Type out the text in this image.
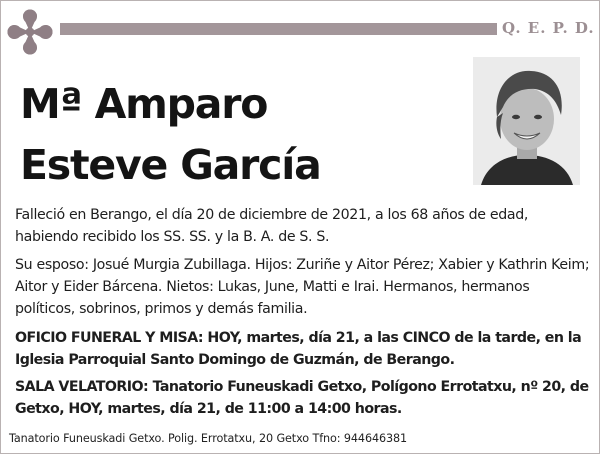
Q. E. P. D.
Mª Amparo
Esteve García
Falleció en Berango, el día 20 de diciembre de 2021, a los 68 años de edad, habiendo recibido los SS. SS. y la B. A. de S. S.
Su esposo: Josué Murgia Zubillaga. Hijos: Zuriñe y Aitor Pérez; Xabier y Kathrin Keim; Aitor y Eider Bárcena. Nietos: Lukas, June, Matti e Irai. Hermanos, hermanos políticos, sobrinos, primos y demás familia.
OFICIO FUNERAL Y MISA: HOY, martes, día 21, a las CINCO de la tarde, en la Iglesia Parroquial Santo Domingo de Guzmán, de Berango.
SALA VELATORIO: Tanatorio Funeuskadi Getxo, Polígono Errotatxu, nº 20, de Getxo, HOY, martes, día 21, de 11:00 a 14:00 horas.
Tanatorio Funeuskadi Getxo. Polig. Errotatxu, 20 Getxo Tfno: 944646381
